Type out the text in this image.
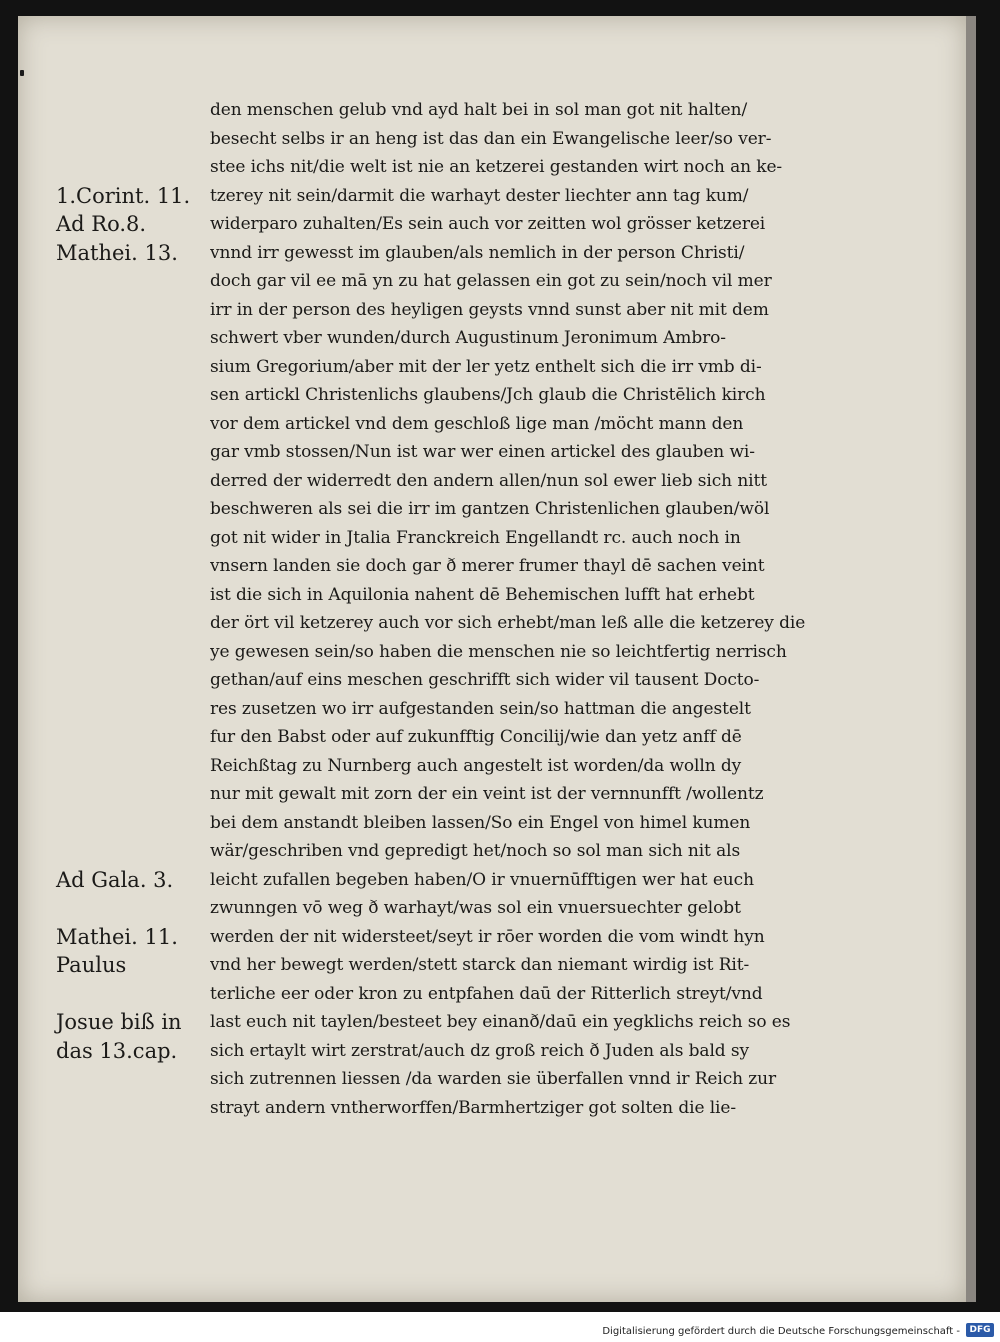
den menschen gelub vnd ayd halt bei in sol man got nit halten/
besecht selbs ir an heng ist das dan ein Ewangelische leer/so ver-
stee ichs nit/die welt ist nie an ketzerei gestanden wirt noch an ke-
tzerey nit sein/darmit die warhayt dester liechter ann tag kum/
widerparo zuhalten/Es sein auch vor zeitten wol grösser ketzerei
vnnd irr gewesst im glauben/als nemlich in der person Christi/
doch gar vil ee mā yn zu hat gelassen ein got zu sein/noch vil mer
irr in der person des heyligen geysts vnnd sunst aber nit mit dem
schwert vber wunden/durch Augustinum Jeronimum Ambro-
sium Gregorium/aber mit der ler yetz enthelt sich die irr vmb di-
sen artickl Christenlichs glaubens/Jch glaub die Christēlich kirch
vor dem artickel vnd dem geschloß lige man /möcht mann den
gar vmb stossen/Nun ist war wer einen artickel des glauben wi-
derred der widerredt den andern allen/nun sol ewer lieb sich nitt
beschweren als sei die irr im gantzen Christenlichen glauben/wöl
got nit wider in Jtalia Franckreich Engellandt rc. auch noch in
vnsern landen sie doch gar ð merer frumer thayl dē sachen veint
ist die sich in Aquilonia nahent dē Behemischen lufft hat erhebt
der ört vil ketzerey auch vor sich erhebt/man leß alle die ketzerey die
ye gewesen sein/so haben die menschen nie so leichtfertig nerrisch
gethan/auf eins meschen geschrifft sich wider vil tausent Docto-
res zusetzen wo irr aufgestanden sein/so hattman die angestelt
fur den Babst oder auf zukunfftig Concilij/wie dan yetz anff dē
Reichßtag zu Nurnberg auch angestelt ist worden/da wolln dy
nur mit gewalt mit zorn der ein veint ist der vernnunfft /wollentz
bei dem anstandt bleiben lassen/So ein Engel von himel kumen
wär/geschriben vnd gepredigt het/noch so sol man sich nit als
leicht zufallen begeben haben/O ir vnuernūfftigen wer hat euch
zwunngen vō weg ð warhayt/was sol ein vnuersuechter gelobt
werden der nit widersteet/seyt ir rōer worden die vom windt hyn
vnd her bewegt werden/stett starck dan niemant wirdig ist Rit-
terliche eer oder kron zu entpfahen daū der Ritterlich streyt/vnd
last euch nit taylen/besteet bey einanð/daū ein yegklichs reich so es
sich ertaylt wirt zerstrat/auch dz groß reich ð Juden als bald sy
sich zutrennen liessen /da warden sie überfallen vnnd ir Reich zur
strayt andern vntherworffen/Barmhertziger got solten die lie-
1.Corint. 11.
Ad Ro.8.
Mathei. 13.
Ad Gala. 3.
Mathei. 11.
Paulus
Josue biß in
das 13.cap.
Digitalisierung gefördert durch die Deutsche Forschungsgemeinschaft -	DFG
